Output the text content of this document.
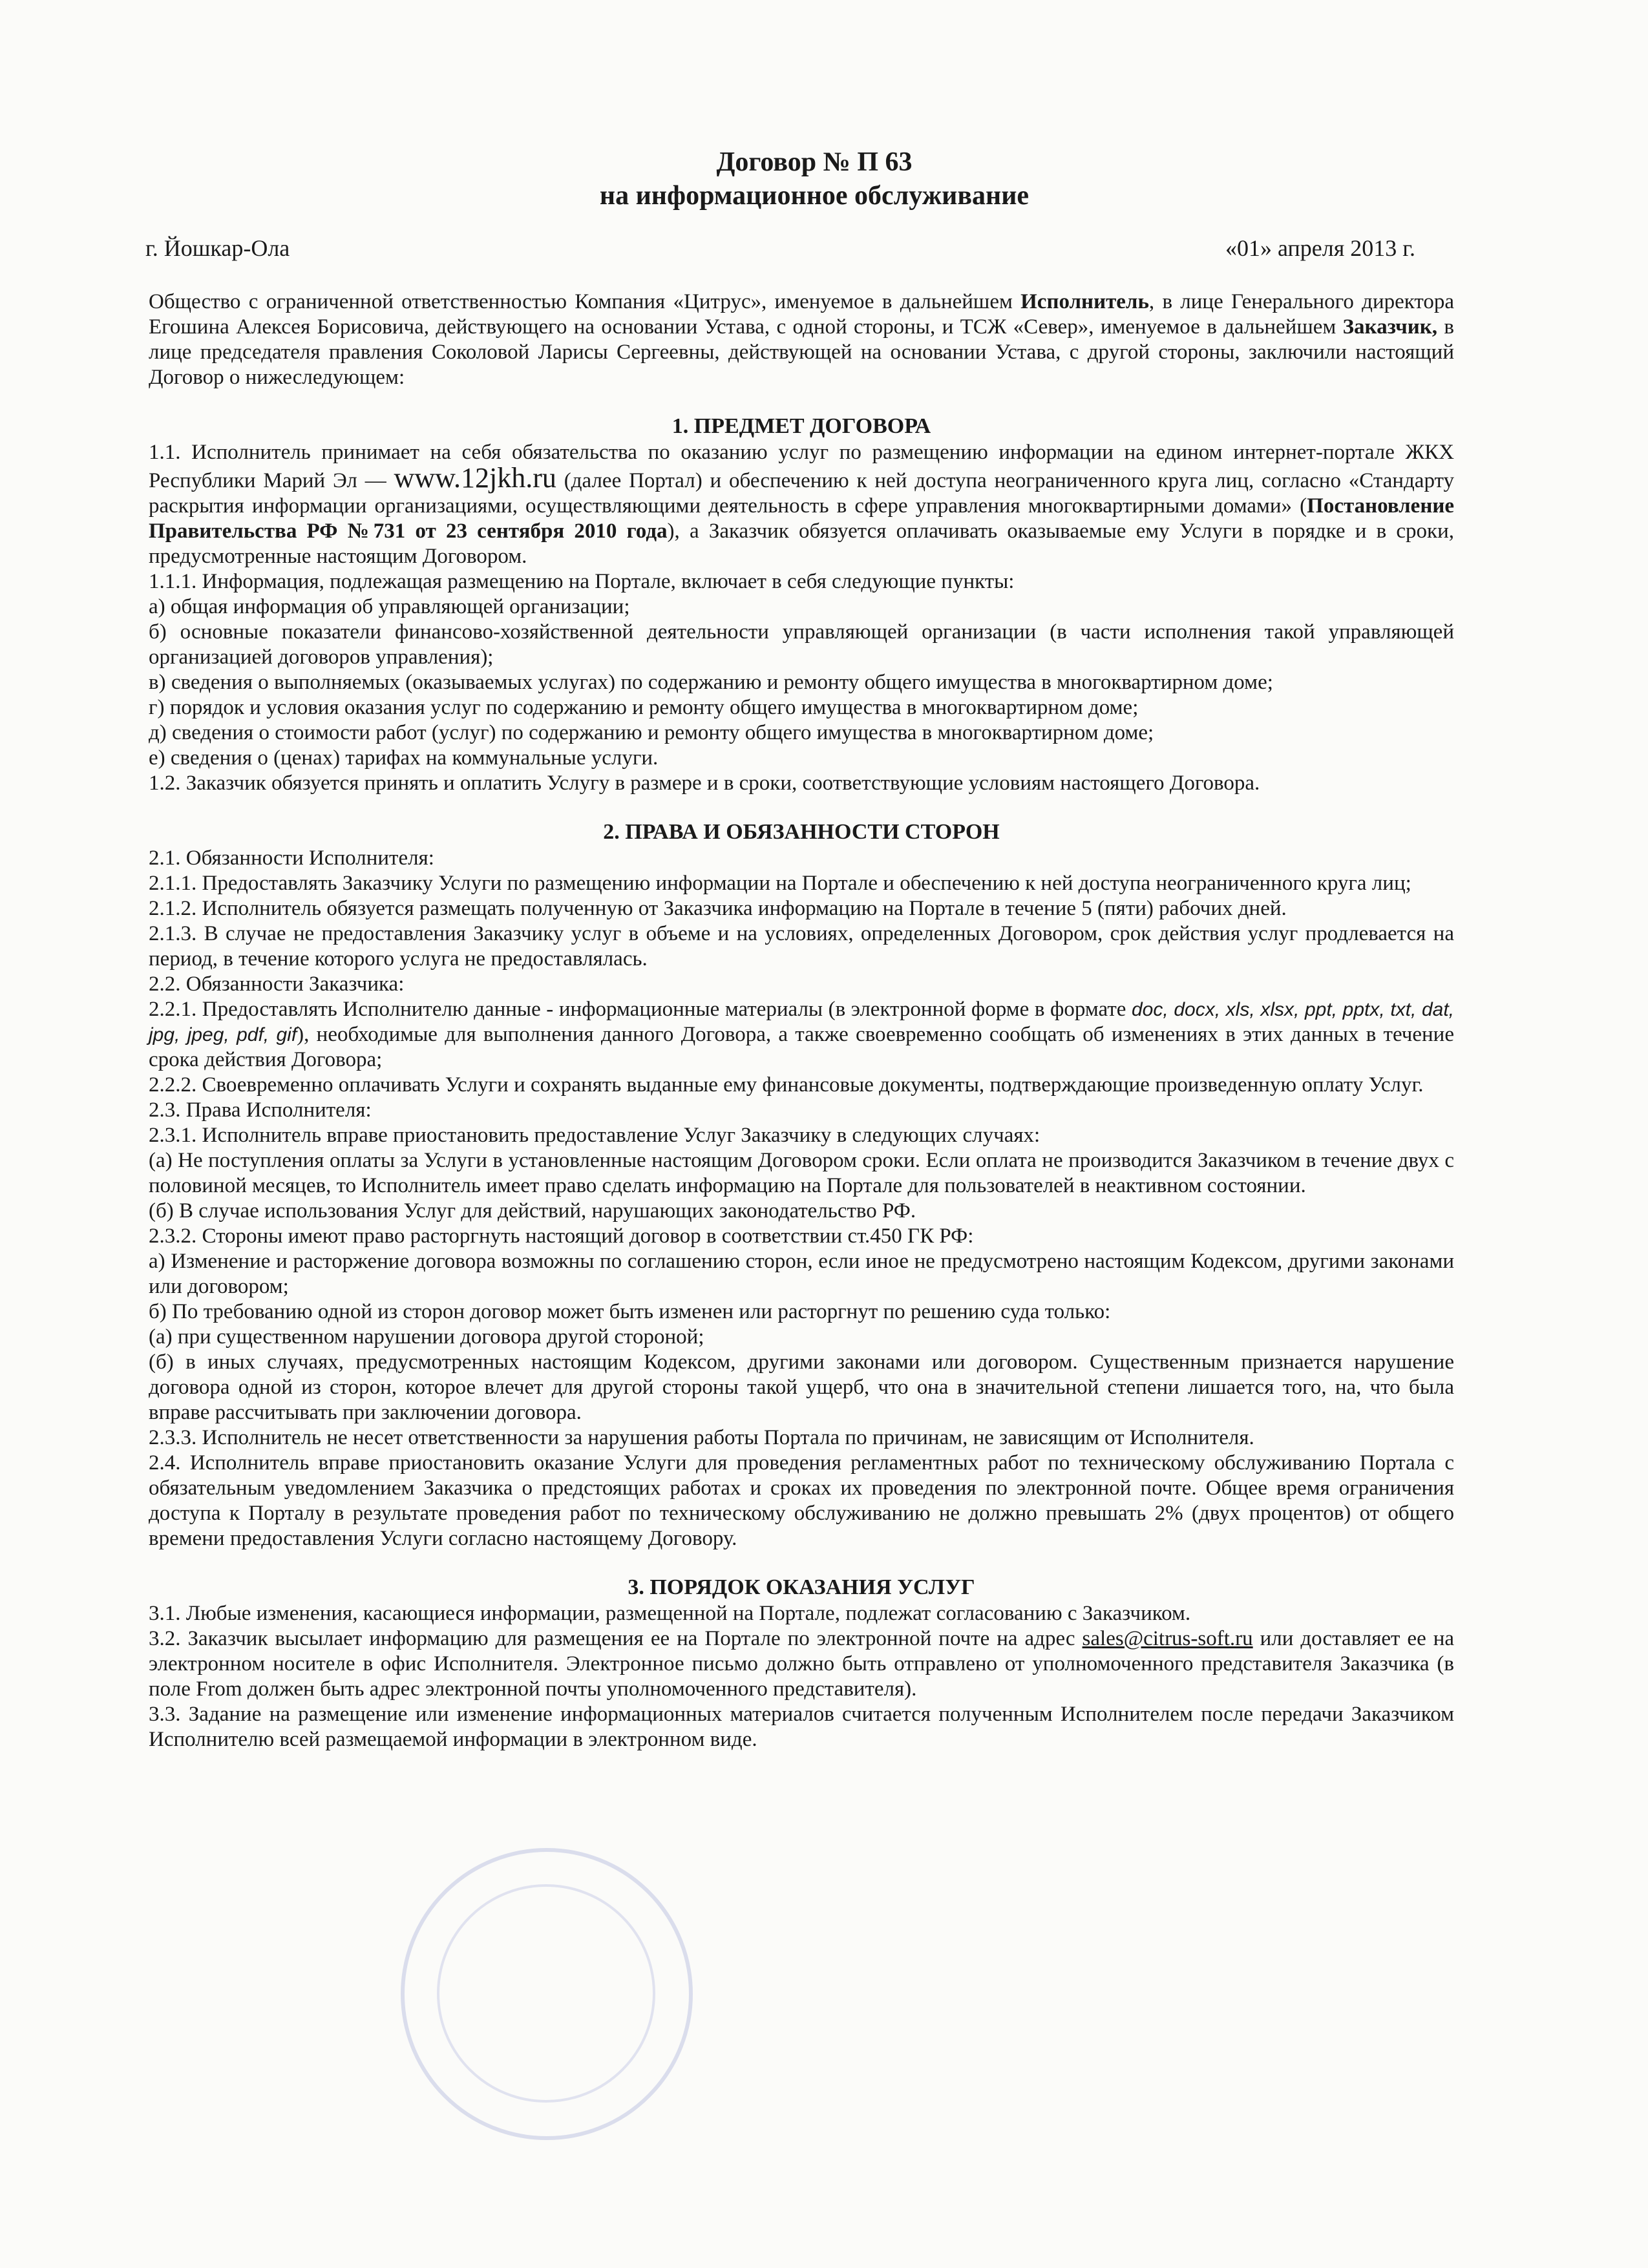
Договор № П 63
на информационное обслуживание
г. Йошкар-Ола	«01» апреля 2013 г.

Общество с ограниченной ответственностью Компания «Цитрус», именуемое в дальнейшем Исполнитель, в лице Генерального директора Егошина Алексея Борисовича, действующего на основании Устава, с одной стороны, и ТСЖ «Север», именуемое в дальнейшем Заказчик, в лице председателя правления Соколовой Ларисы Сергеевны, действующей на основании Устава, с другой стороны, заключили настоящий Договор о нижеследующем:

1. ПРЕДМЕТ ДОГОВОРА

1.1. Исполнитель принимает на себя обязательства по оказанию услуг по размещению информации на едином интернет-портале ЖКХ Республики Марий Эл — www.12jkh.ru (далее Портал) и обеспечению к ней доступа неограниченного круга лиц, согласно «Стандарту раскрытия информации организациями, осуществляющими деятельность в сфере управления многоквартирными домами» (Постановление Правительства РФ №731 от 23 сентября 2010 года), а Заказчик обязуется оплачивать оказываемые ему Услуги в порядке и в сроки, предусмотренные настоящим Договором.

1.1.1. Информация, подлежащая размещению на Портале, включает в себя следующие пункты:

а) общая информация об управляющей организации;

б) основные показатели финансово-хозяйственной деятельности управляющей организации (в части исполнения такой управляющей организацией договоров управления);

в) сведения о выполняемых (оказываемых услугах) по содержанию и ремонту общего имущества в многоквартирном доме;

г) порядок и условия оказания услуг по содержанию и ремонту общего имущества в многоквартирном доме;

д) сведения о стоимости работ (услуг) по содержанию и ремонту общего имущества в многоквартирном доме;

е) сведения о (ценах) тарифах на коммунальные услуги.

1.2. Заказчик обязуется принять и оплатить Услугу в размере и в сроки, соответствующие условиям настоящего Договора.

2. ПРАВА И ОБЯЗАННОСТИ СТОРОН

2.1. Обязанности Исполнителя:

2.1.1. Предоставлять Заказчику Услуги по размещению информации на Портале и обеспечению к ней доступа неограниченного круга лиц;

2.1.2. Исполнитель обязуется размещать полученную от Заказчика информацию на Портале в течение 5 (пяти) рабочих дней.

2.1.3. В случае не предоставления Заказчику услуг в объеме и на условиях, определенных Договором, срок действия услуг продлевается на период, в течение которого услуга не предоставлялась.

2.2. Обязанности Заказчика:

2.2.1. Предоставлять Исполнителю данные - информационные материалы (в электронной форме в формате doc, docx, xls, xlsx, ppt, pptx, txt, dat, jpg, jpeg, pdf, gif), необходимые для выполнения данного Договора, а также своевременно сообщать об изменениях в этих данных в течение срока действия Договора;

2.2.2. Своевременно оплачивать Услуги и сохранять выданные ему финансовые документы, подтверждающие произведенную оплату Услуг.

2.3. Права Исполнителя:

2.3.1. Исполнитель вправе приостановить предоставление Услуг Заказчику в следующих случаях:

(а) Не поступления оплаты за Услуги в установленные настоящим Договором сроки. Если оплата не производится Заказчиком в течение двух с половиной месяцев, то Исполнитель имеет право сделать информацию на Портале для пользователей в неактивном состоянии.

(б) В случае использования Услуг для действий, нарушающих законодательство РФ.

2.3.2. Стороны имеют право расторгнуть настоящий договор в соответствии ст.450 ГК РФ:

а) Изменение и расторжение договора возможны по соглашению сторон, если иное не предусмотрено настоящим Кодексом, другими законами или договором;

б) По требованию одной из сторон договор может быть изменен или расторгнут по решению суда только:

(а) при существенном нарушении договора другой стороной;

(б) в иных случаях, предусмотренных настоящим Кодексом, другими законами или договором. Существенным признается нарушение договора одной из сторон, которое влечет для другой стороны такой ущерб, что она в значительной степени лишается того, на, что была вправе рассчитывать при заключении договора.

2.3.3. Исполнитель не несет ответственности за нарушения работы Портала по причинам, не зависящим от Исполнителя.

2.4. Исполнитель вправе приостановить оказание Услуги для проведения регламентных работ по техническому обслуживанию Портала с обязательным уведомлением Заказчика о предстоящих работах и сроках их проведения по электронной почте. Общее время ограничения доступа к Порталу в результате проведения работ по техническому обслуживанию не должно превышать 2% (двух процентов) от общего времени предоставления Услуги согласно настоящему Договору.

3. ПОРЯДОК ОКАЗАНИЯ УСЛУГ

3.1. Любые изменения, касающиеся информации, размещенной на Портале, подлежат согласованию с Заказчиком.

3.2. Заказчик высылает информацию для размещения ее на Портале по электронной почте на адрес sales@citrus-soft.ru или доставляет ее на электронном носителе в офис Исполнителя. Электронное письмо должно быть отправлено от уполномоченного представителя Заказчика (в поле From должен быть адрес электронной почты уполномоченного представителя).

3.3. Задание на размещение или изменение информационных материалов считается полученным Исполнителем после передачи Заказчиком Исполнителю всей размещаемой информации в электронном виде.
